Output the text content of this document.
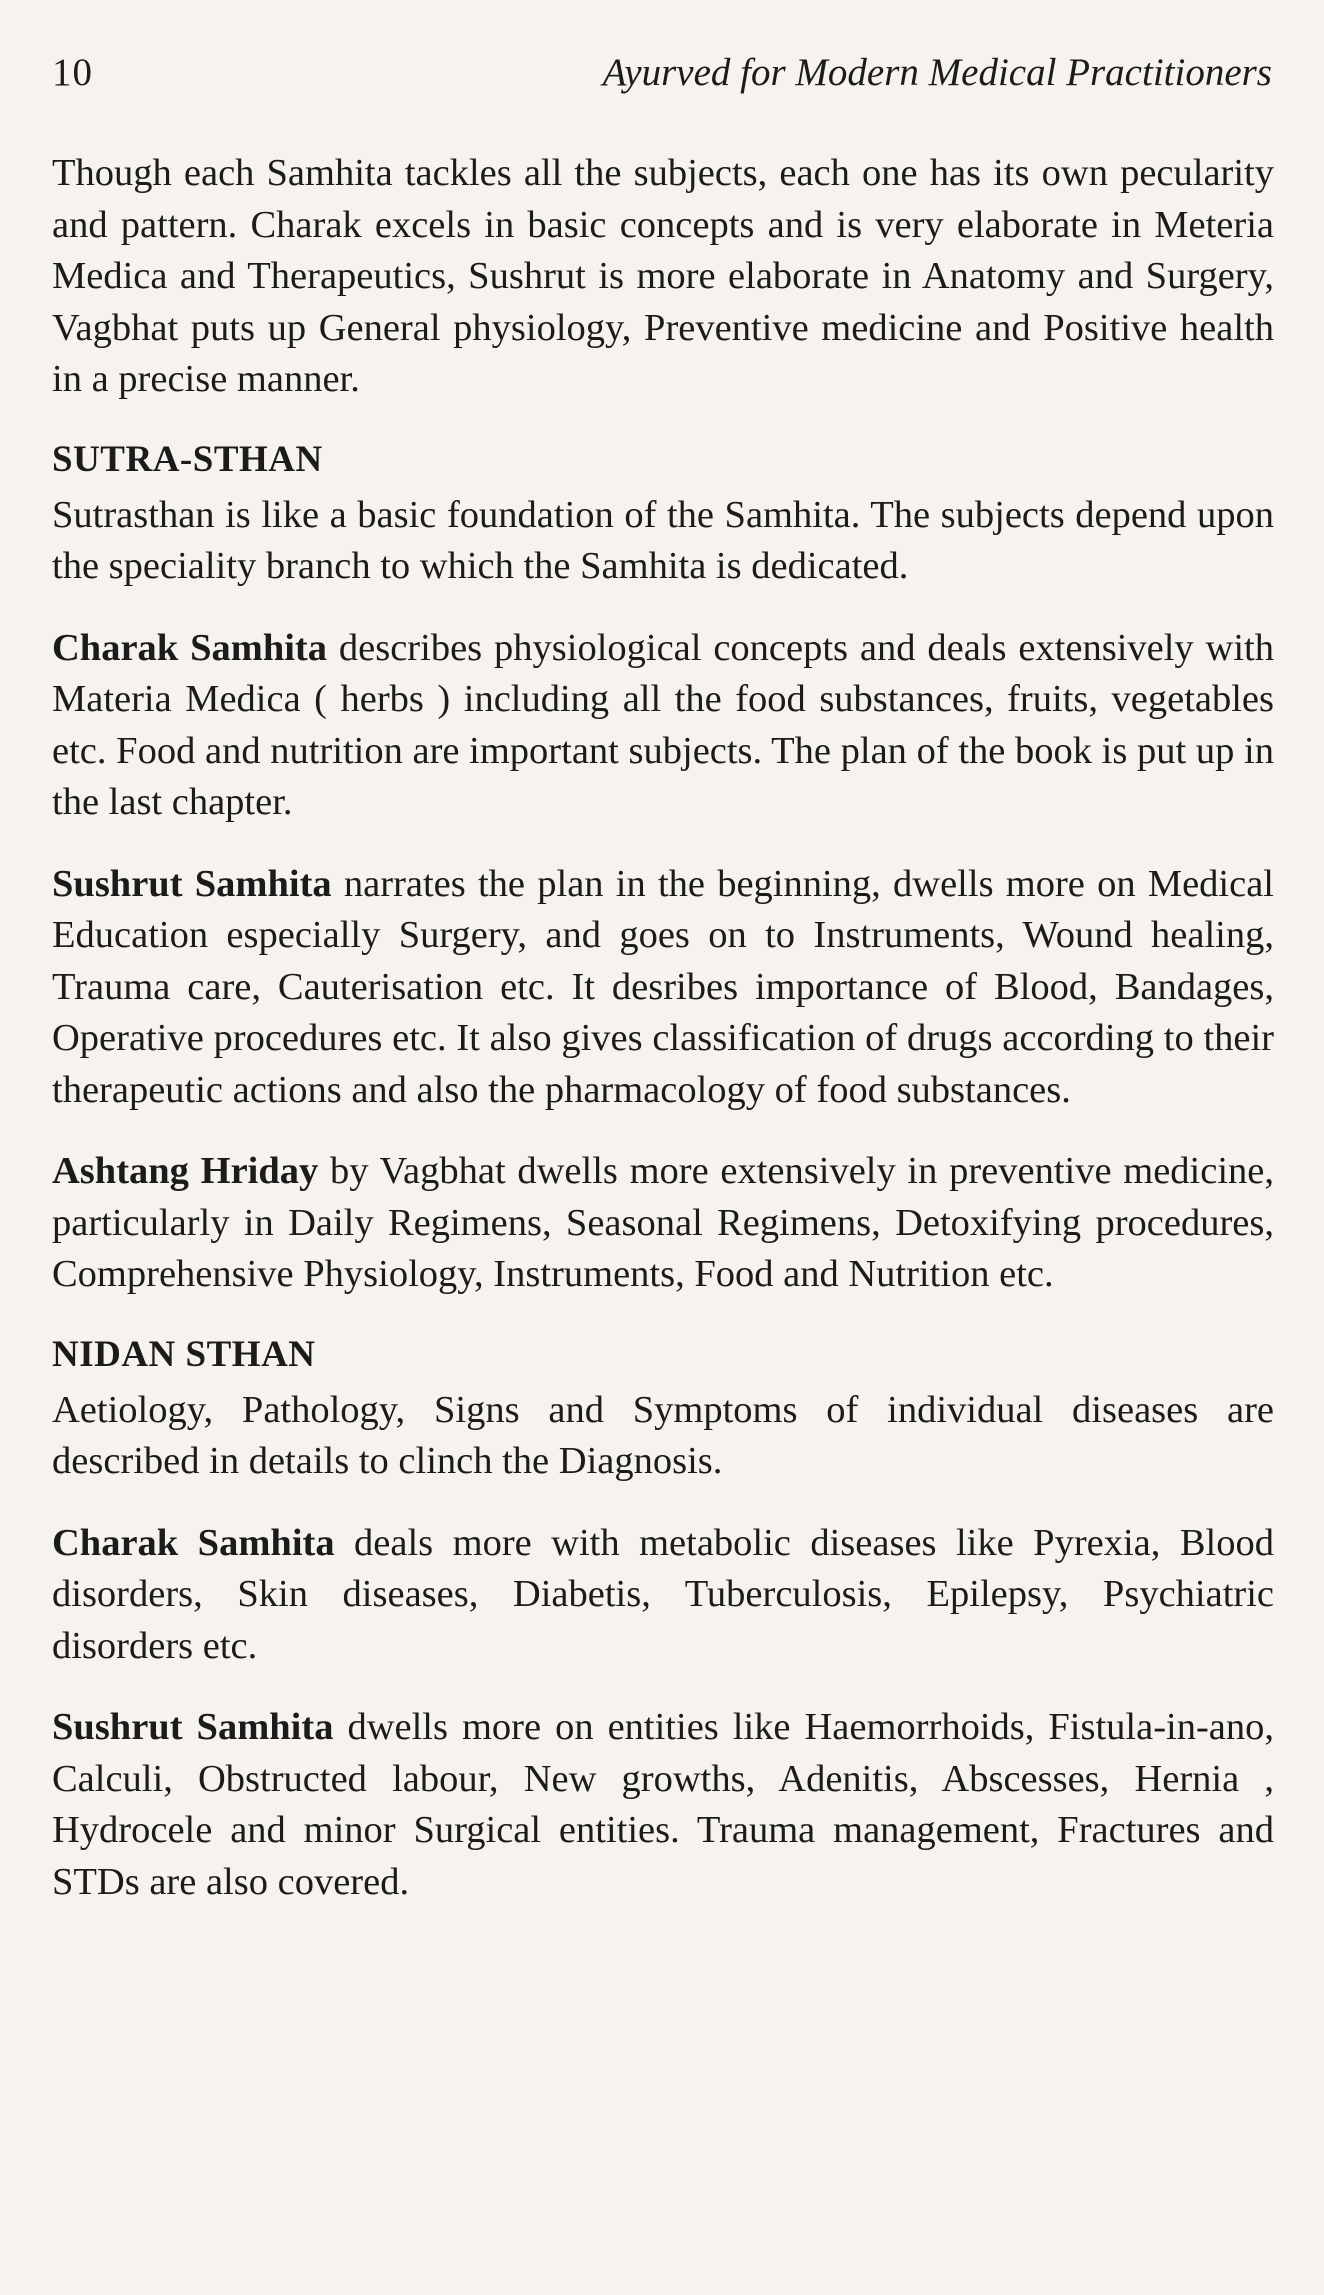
10	Ayurved for Modern Medical Practitioners

Though each Samhita tackles all the subjects, each one has its own pecularity and pattern. Charak excels in basic concepts and is very elaborate in Meteria Medica and Therapeutics, Sushrut is more elaborate in Anatomy and Surgery, Vagbhat puts up General physiology, Preventive medicine and Positive health in a precise manner.

SUTRA-STHAN

Sutrasthan is like a basic foundation of the Samhita. The subjects depend upon the speciality branch to which the Samhita is dedicated.

Charak Samhita describes physiological concepts and deals extensively with Materia Medica ( herbs ) including all the food substances, fruits, vegetables etc. Food and nutrition are important subjects. The plan of the book is put up in the last chapter.

Sushrut Samhita narrates the plan in the beginning, dwells more on Medical Education especially Surgery, and goes on to Instruments, Wound healing, Trauma care, Cauterisation etc. It desribes importance of Blood, Bandages, Operative procedures etc. It also gives classification of drugs according to their therapeutic actions and also the pharmacology of food substances.

Ashtang Hriday by Vagbhat dwells more extensively in preventive medicine, particularly in Daily Regimens, Seasonal Regimens, Detoxifying procedures, Comprehensive Physiology, Instruments, Food and Nutrition etc.

NIDAN STHAN

Aetiology, Pathology, Signs and Symptoms of individual diseases are described in details to clinch the Diagnosis.

Charak Samhita deals more with metabolic diseases like Pyrexia, Blood disorders, Skin diseases, Diabetis, Tuberculosis, Epilepsy, Psychiatric disorders etc.

Sushrut Samhita dwells more on entities like Haemorrhoids, Fistula-in-ano, Calculi, Obstructed labour, New growths, Adenitis, Abscesses, Hernia , Hydrocele and minor Surgical entities. Trauma management, Fractures and STDs are also covered.
